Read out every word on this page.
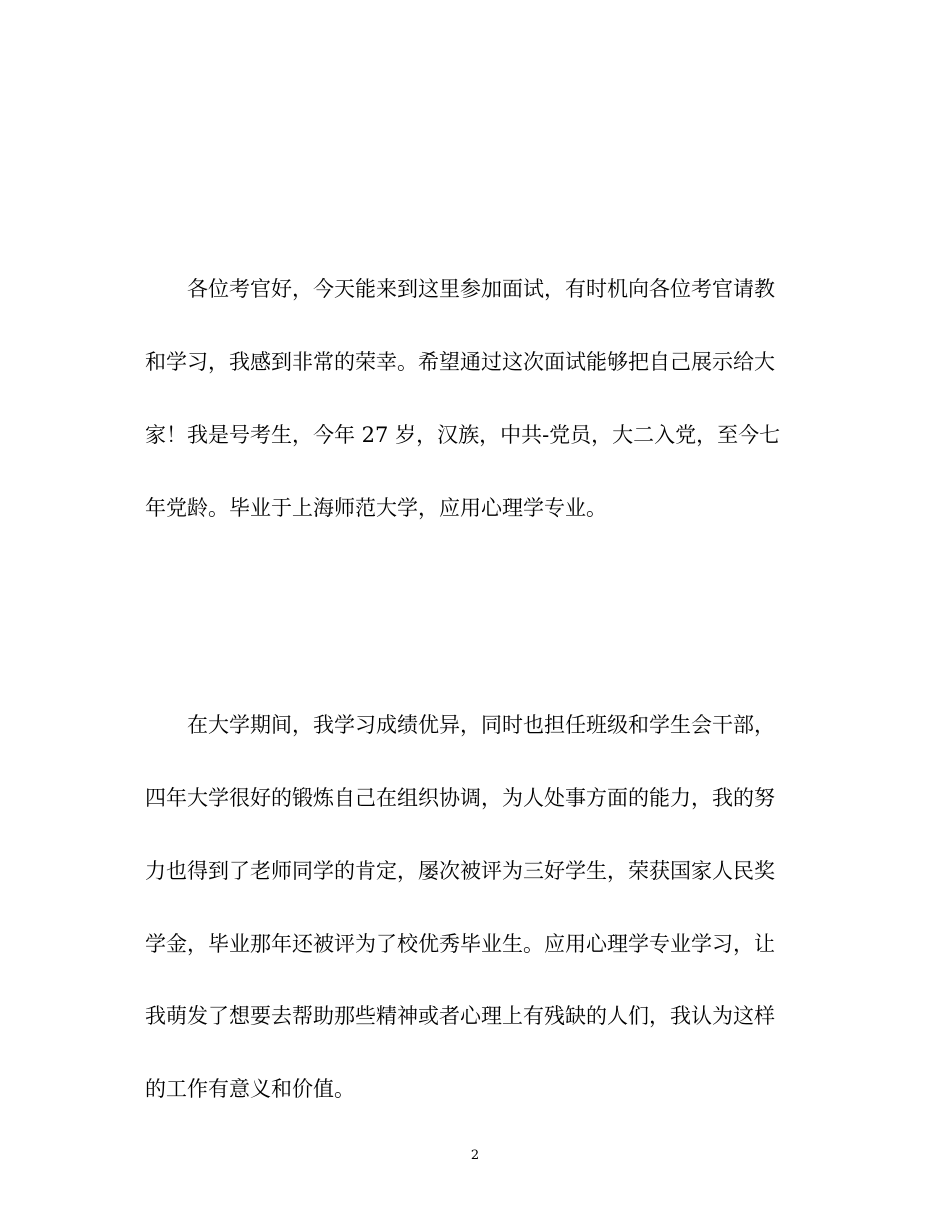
各位考官好，今天能来到这里参加面试，有时机向各位考官请教
和学习，我感到非常的荣幸。希望通过这次面试能够把自己展示给大
家！我是号考生，今年 27 岁，汉族，中共-党员，大二入党，至今七
年党龄。毕业于上海师范大学，应用心理学专业。
在大学期间，我学习成绩优异，同时也担任班级和学生会干部，
四年大学很好的锻炼自己在组织协调，为人处事方面的能力，我的努
力也得到了老师同学的肯定，屡次被评为三好学生，荣获国家人民奖
学金，毕业那年还被评为了校优秀毕业生。应用心理学专业学习，让
我萌发了想要去帮助那些精神或者心理上有残缺的人们，我认为这样
的工作有意义和价值。
2
